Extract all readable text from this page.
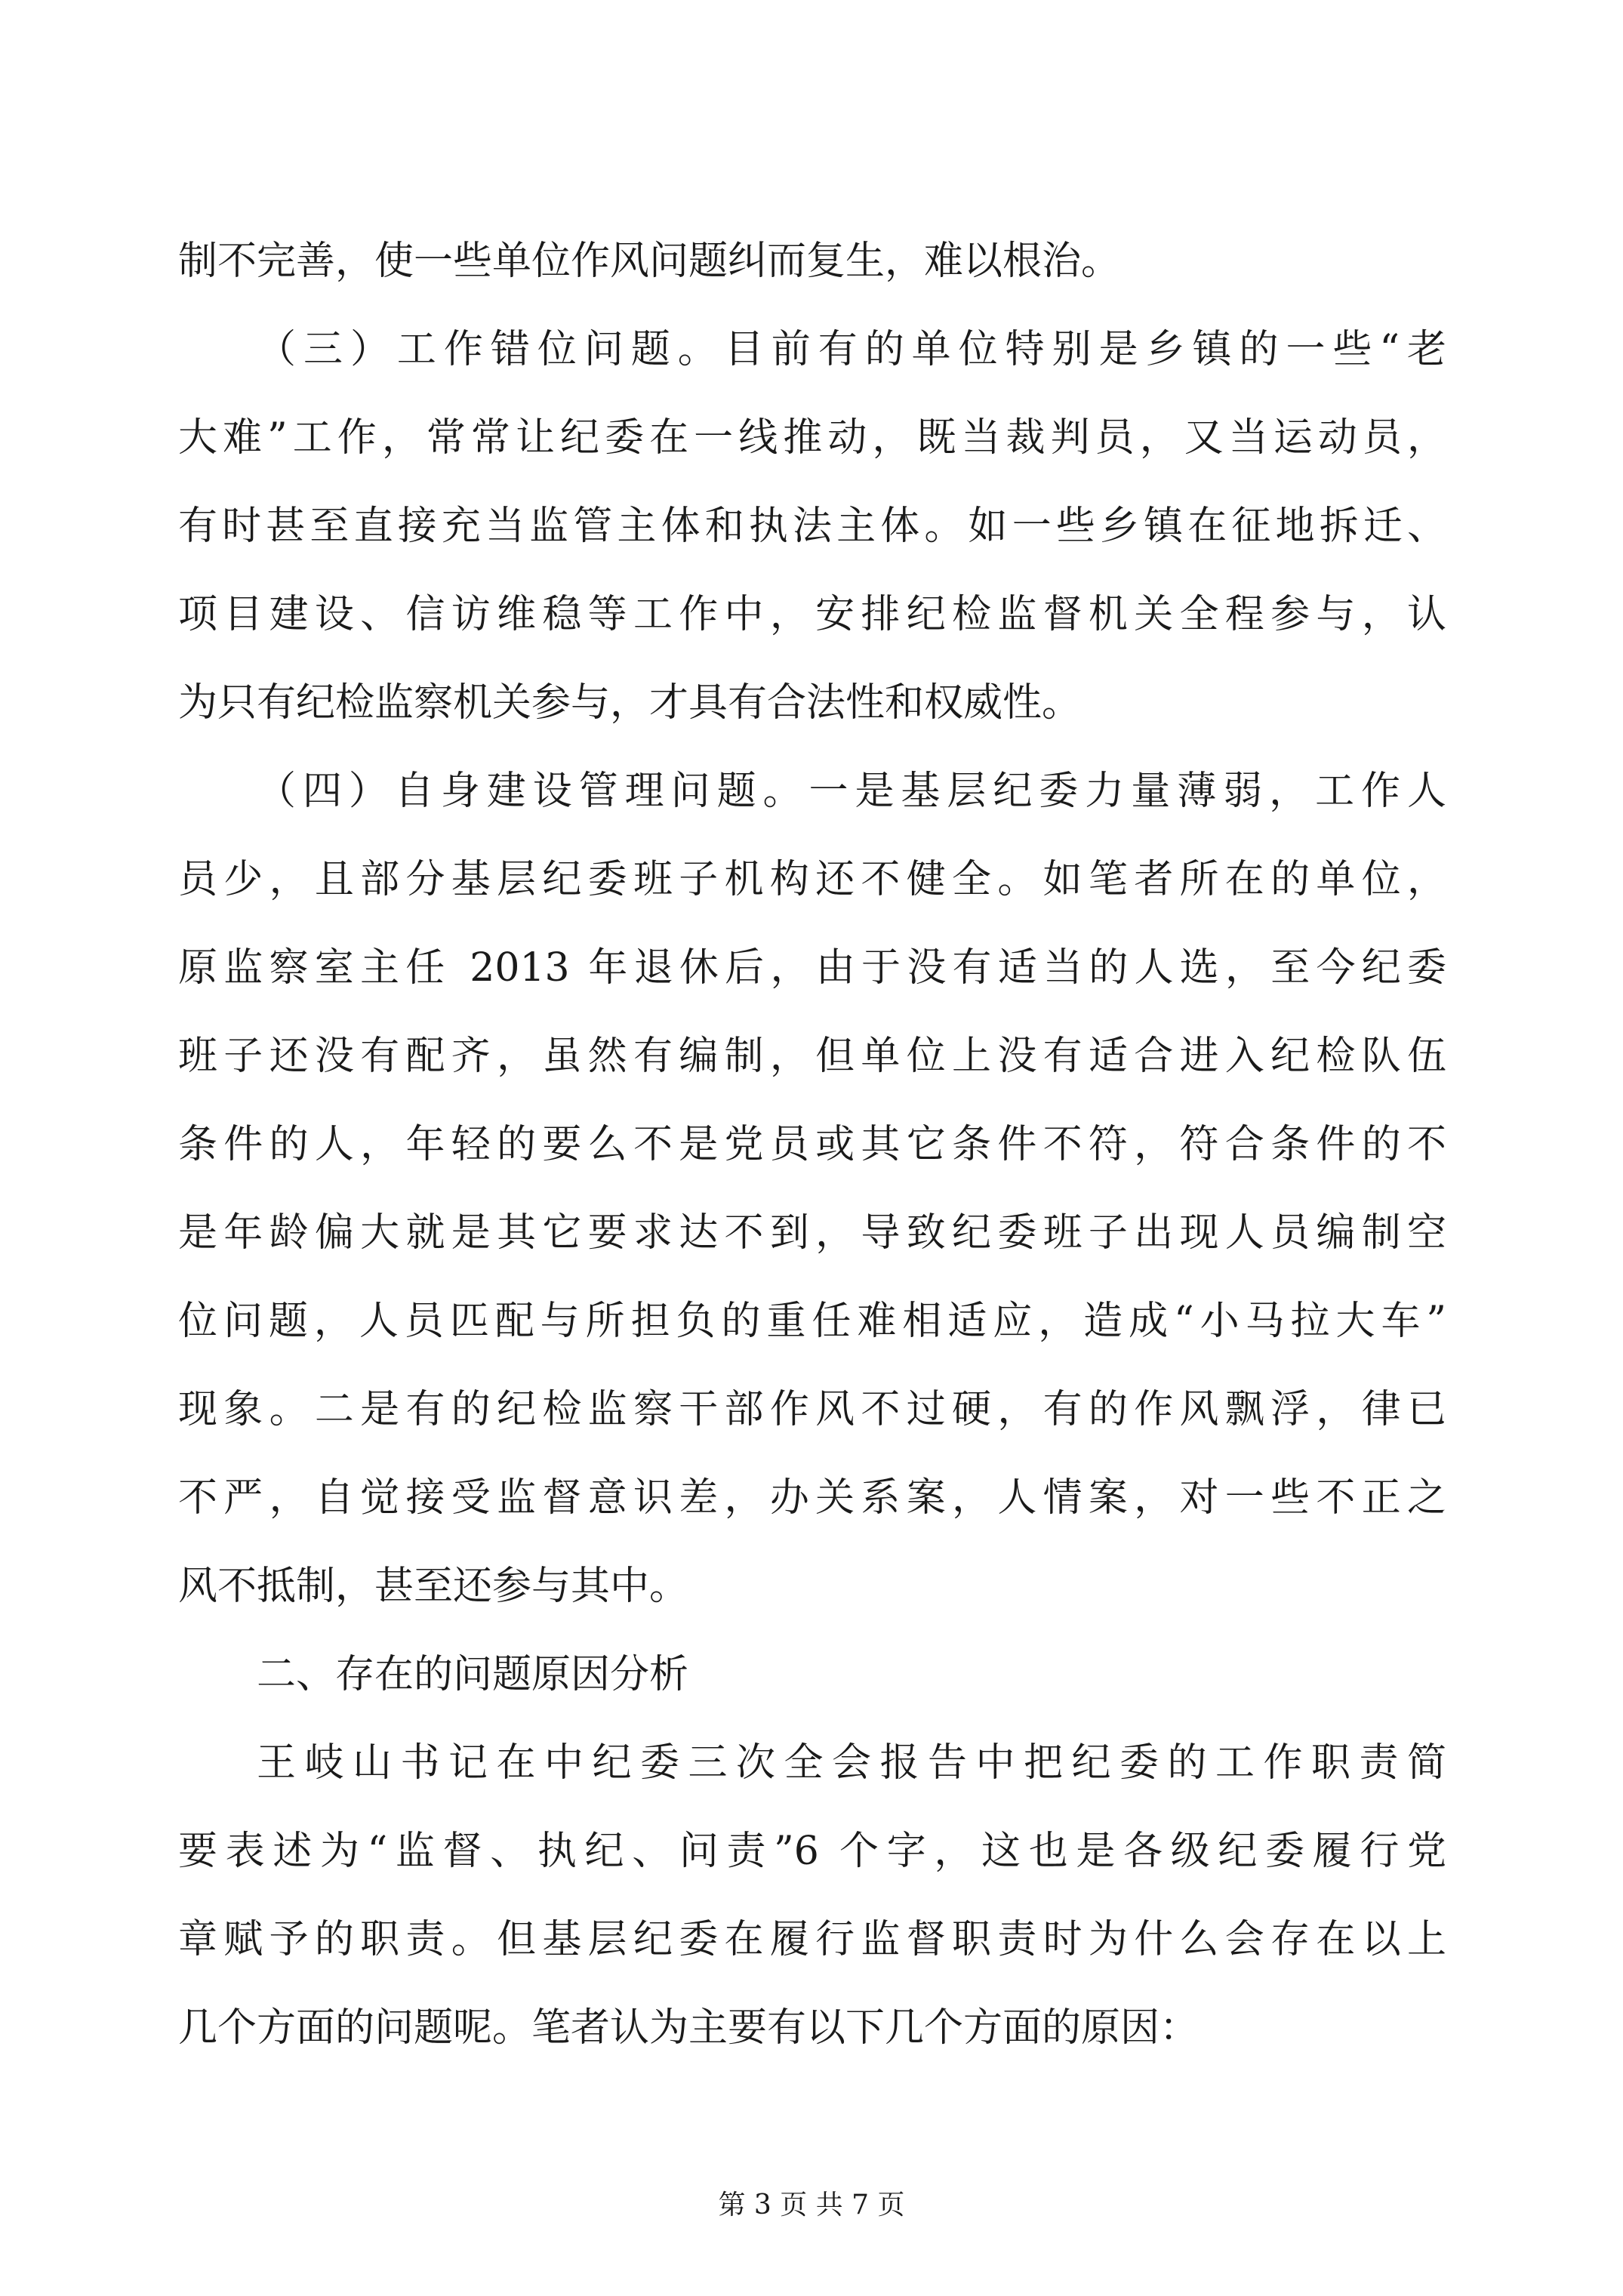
制不完善，使一些单位作风问题纠而复生，难以根治。
（三）工作错位问题。目前有的单位特别是乡镇的一些“老
大难”工作，常常让纪委在一线推动，既当裁判员，又当运动员，
有时甚至直接充当监管主体和执法主体。如一些乡镇在征地拆迁、
项目建设、信访维稳等工作中，安排纪检监督机关全程参与，认
为只有纪检监察机关参与，才具有合法性和权威性。
（四）自身建设管理问题。一是基层纪委力量薄弱，工作人
员少，且部分基层纪委班子机构还不健全。如笔者所在的单位，
原监察室主任 2013 年退休后，由于没有适当的人选，至今纪委
班子还没有配齐，虽然有编制，但单位上没有适合进入纪检队伍
条件的人，年轻的要么不是党员或其它条件不符，符合条件的不
是年龄偏大就是其它要求达不到，导致纪委班子出现人员编制空
位问题，人员匹配与所担负的重任难相适应，造成“小马拉大车”
现象。二是有的纪检监察干部作风不过硬，有的作风飘浮，律已
不严，自觉接受监督意识差，办关系案，人情案，对一些不正之
风不抵制，甚至还参与其中。
二、存在的问题原因分析
王岐山书记在中纪委三次全会报告中把纪委的工作职责简
要表述为“监督、执纪、问责”6 个字，这也是各级纪委履行党
章赋予的职责。但基层纪委在履行监督职责时为什么会存在以上
几个方面的问题呢。笔者认为主要有以下几个方面的原因：
第 3 页 共 7 页
